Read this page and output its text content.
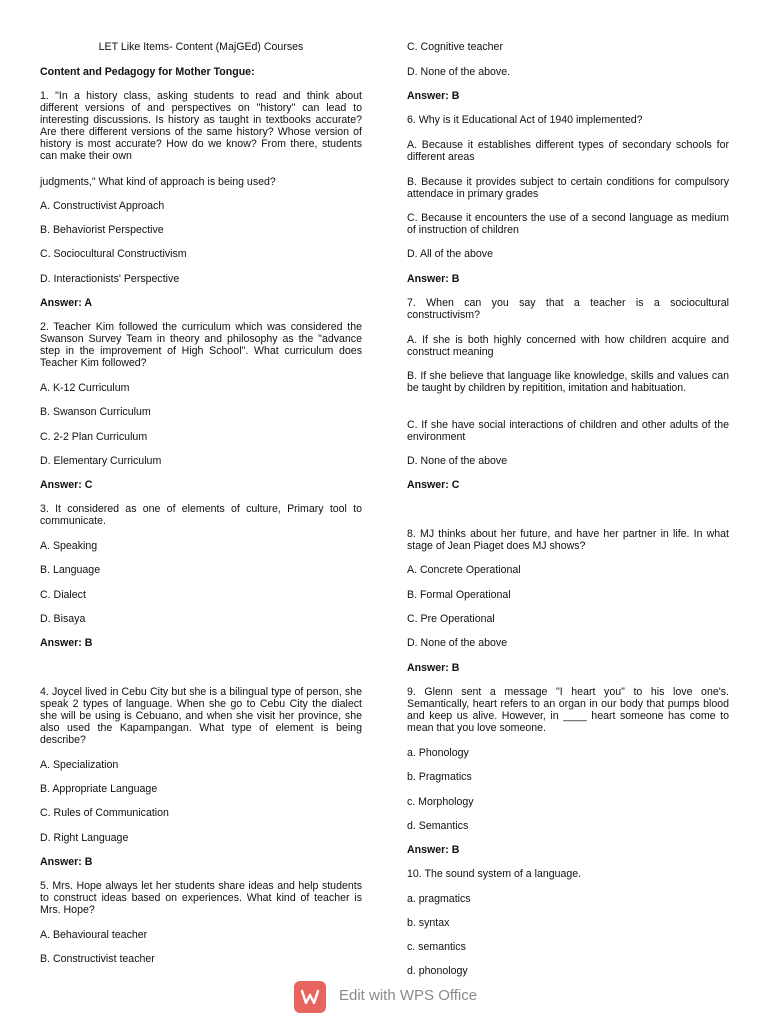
LET Like Items- Content (MajGEd) Courses

Content and Pedagogy for Mother Tongue:

1. "In a history class, asking students to read and think about different versions of and perspectives on "history" can lead to interesting discussions. Is history as taught in textbooks accurate? Are there different versions of the same history? Whose version of history is most accurate? How do we know? From there, students can make their own

judgments," What kind of approach is being used?

A. Constructivist Approach

B. Behaviorist Perspective

C. Sociocultural Constructivism

D. Interactionists' Perspective

Answer: A

2. Teacher Kim followed the curriculum which was considered the Swanson Survey Team in theory and philosophy as the "advance step in the improvement of High School". What curriculum does Teacher Kim followed?

A. K-12 Curriculum

B. Swanson Curriculum

C. 2-2 Plan Curriculum

D. Elementary Curriculum

Answer: C

3. It considered as one of elements of culture, Primary tool to communicate.

A. Speaking

B. Language

C. Dialect

D. Bisaya

Answer: B

4. Joycel lived in Cebu City but she is a bilingual type of person, she speak 2 types of language. When she go to Cebu City the dialect she will be using is Cebuano, and when she visit her province, she also used the Kapampangan. What type of element is being describe?

A. Specialization

B. Appropriate Language

C. Rules of Communication

D. Right Language

Answer: B

5. Mrs. Hope always let her students share ideas and help students to construct ideas based on experiences. What kind of teacher is Mrs. Hope?

A. Behavioural teacher

B. Constructivist teacher

C. Cognitive teacher

D. None of the above.

Answer: B

6. Why is it Educational Act of 1940 implemented?

A. Because it establishes different types of secondary schools for different areas

B. Because it provides subject to certain conditions for compulsory attendace in primary grades

C. Because it encounters the use of a second language as medium of instruction of children

D. All of the above

Answer: B

7. When can you say that a teacher is a sociocultural constructivism?

A. If she is both highly concerned with how children acquire and construct meaning

B. If she believe that language like knowledge, skills and values can be taught by children by repitition, imitation and habituation.

C. If she have social interactions of children and other adults of the environment

D. None of the above

Answer: C

8. MJ thinks about her future, and have her partner in life. In what stage of Jean Piaget does MJ shows?

A. Concrete Operational

B. Formal Operational

C. Pre Operational

D. None of the above

Answer: B

9. Glenn sent a message "I heart you" to his love one's. Semantically, heart refers to an organ in our body that pumps blood and keep us alive. However, in ____ heart someone has come to mean that you love someone.

a. Phonology

b. Pragmatics

c. Morphology

d. Semantics

Answer: B

10. The sound system of a language.

a. pragmatics

b. syntax

c. semantics

d. phonology

Edit with WPS Office
